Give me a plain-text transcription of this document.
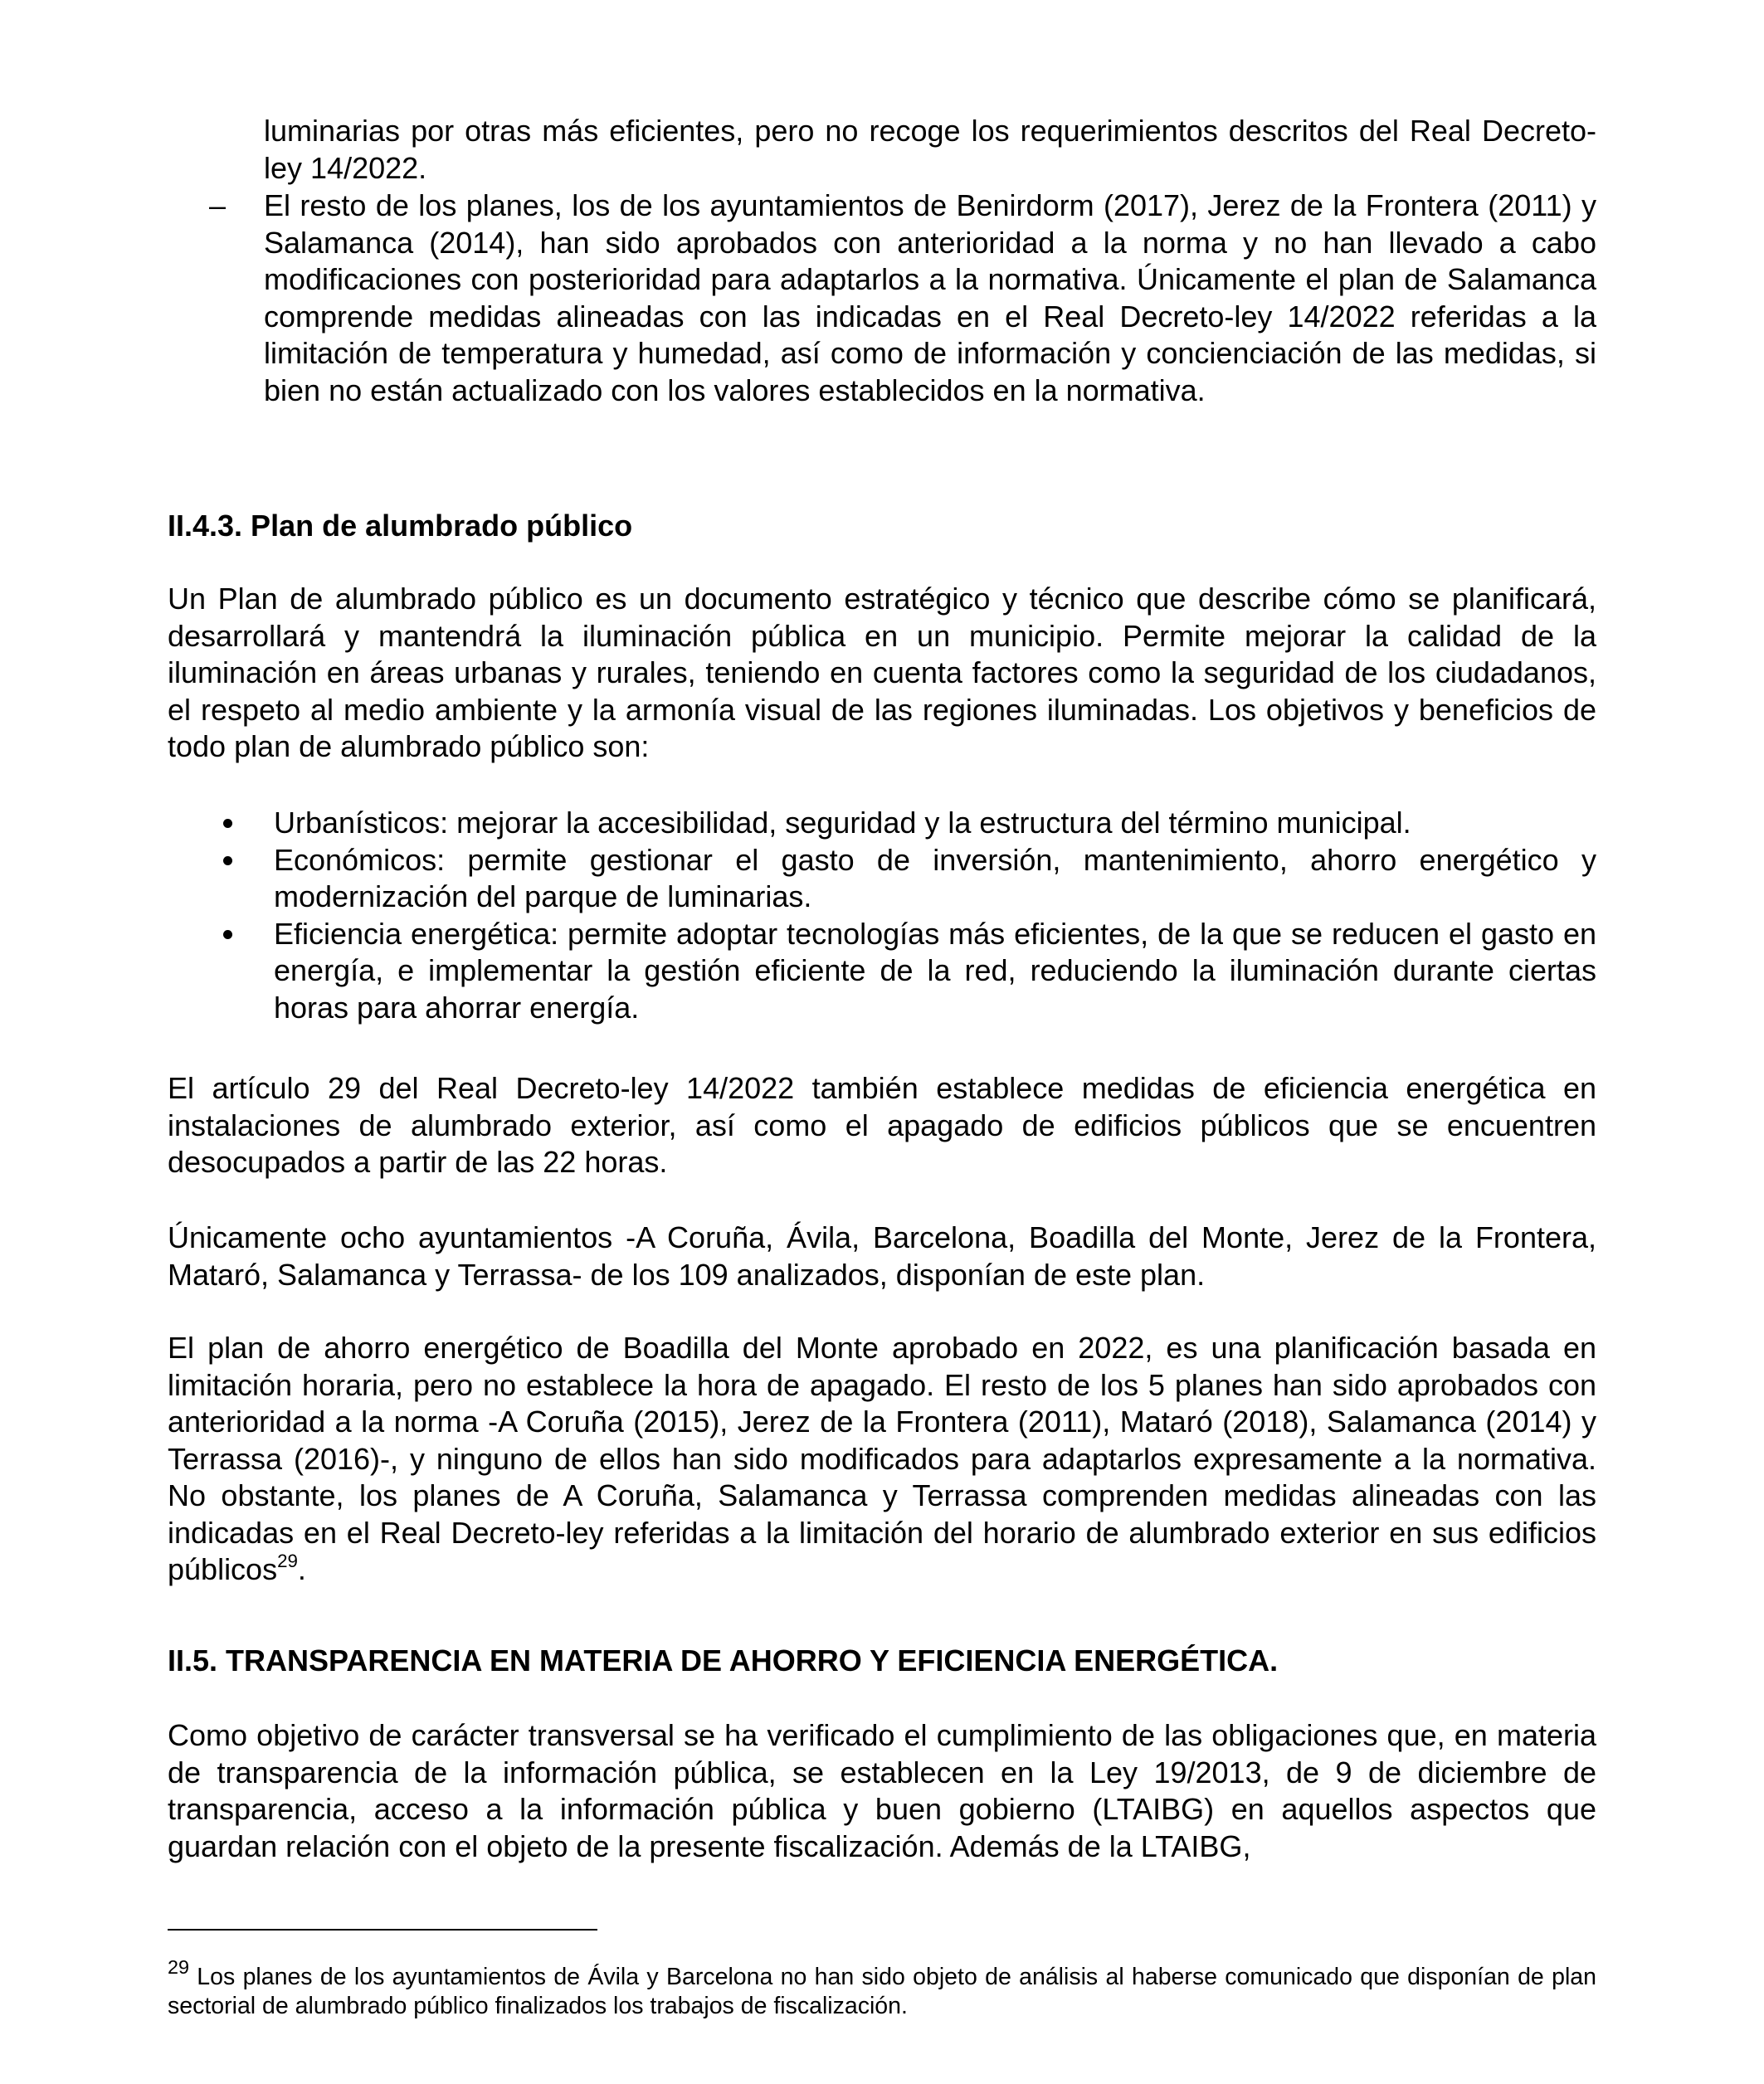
luminarias por otras más eficientes, pero no recoge los requerimientos descritos del Real Decreto-ley 14/2022.

– El resto de los planes, los de los ayuntamientos de Benirdorm (2017), Jerez de la Frontera (2011) y Salamanca (2014), han sido aprobados con anterioridad a la norma y no han llevado a cabo modificaciones con posterioridad para adaptarlos a la normativa. Únicamente el plan de Salamanca comprende medidas alineadas con las indicadas en el Real Decreto-ley 14/2022 referidas a la limitación de temperatura y humedad, así como de información y concienciación de las medidas, si bien no están actualizado con los valores establecidos en la normativa.

II.4.3. Plan de alumbrado público

Un Plan de alumbrado público es un documento estratégico y técnico que describe cómo se planificará, desarrollará y mantendrá la iluminación pública en un municipio. Permite mejorar la calidad de la iluminación en áreas urbanas y rurales, teniendo en cuenta factores como la seguridad de los ciudadanos, el respeto al medio ambiente y la armonía visual de las regiones iluminadas. Los objetivos y beneficios de todo plan de alumbrado público son:

Urbanísticos: mejorar la accesibilidad, seguridad y la estructura del término municipal.
Económicos: permite gestionar el gasto de inversión, mantenimiento, ahorro energético y modernización del parque de luminarias.
Eficiencia energética: permite adoptar tecnologías más eficientes, de la que se reducen el gasto en energía, e implementar la gestión eficiente de la red, reduciendo la iluminación durante ciertas horas para ahorrar energía.

El artículo 29 del Real Decreto-ley 14/2022 también establece medidas de eficiencia energética en instalaciones de alumbrado exterior, así como el apagado de edificios públicos que se encuentren desocupados a partir de las 22 horas.

Únicamente ocho ayuntamientos -A Coruña, Ávila, Barcelona, Boadilla del Monte, Jerez de la Frontera, Mataró, Salamanca y Terrassa- de los 109 analizados, disponían de este plan.

El plan de ahorro energético de Boadilla del Monte aprobado en 2022, es una planificación basada en limitación horaria, pero no establece la hora de apagado. El resto de los 5 planes han sido aprobados con anterioridad a la norma -A Coruña (2015), Jerez de la Frontera (2011), Mataró (2018), Salamanca (2014) y Terrassa (2016)-, y ninguno de ellos han sido modificados para adaptarlos expresamente a la normativa. No obstante, los planes de A Coruña, Salamanca y Terrassa comprenden medidas alineadas con las indicadas en el Real Decreto-ley referidas a la limitación del horario de alumbrado exterior en sus edificios públicos$^{29}$.

II.5. TRANSPARENCIA EN MATERIA DE AHORRO Y EFICIENCIA ENERGÉTICA.

Como objetivo de carácter transversal se ha verificado el cumplimiento de las obligaciones que, en materia de transparencia de la información pública, se establecen en la Ley 19/2013, de 9 de diciembre de transparencia, acceso a la información pública y buen gobierno (LTAIBG) en aquellos aspectos que guardan relación con el objeto de la presente fiscalización. Además de la LTAIBG,

$^{29}$ Los planes de los ayuntamientos de Ávila y Barcelona no han sido objeto de análisis al haberse comunicado que disponían de plan sectorial de alumbrado público finalizados los trabajos de fiscalización.
